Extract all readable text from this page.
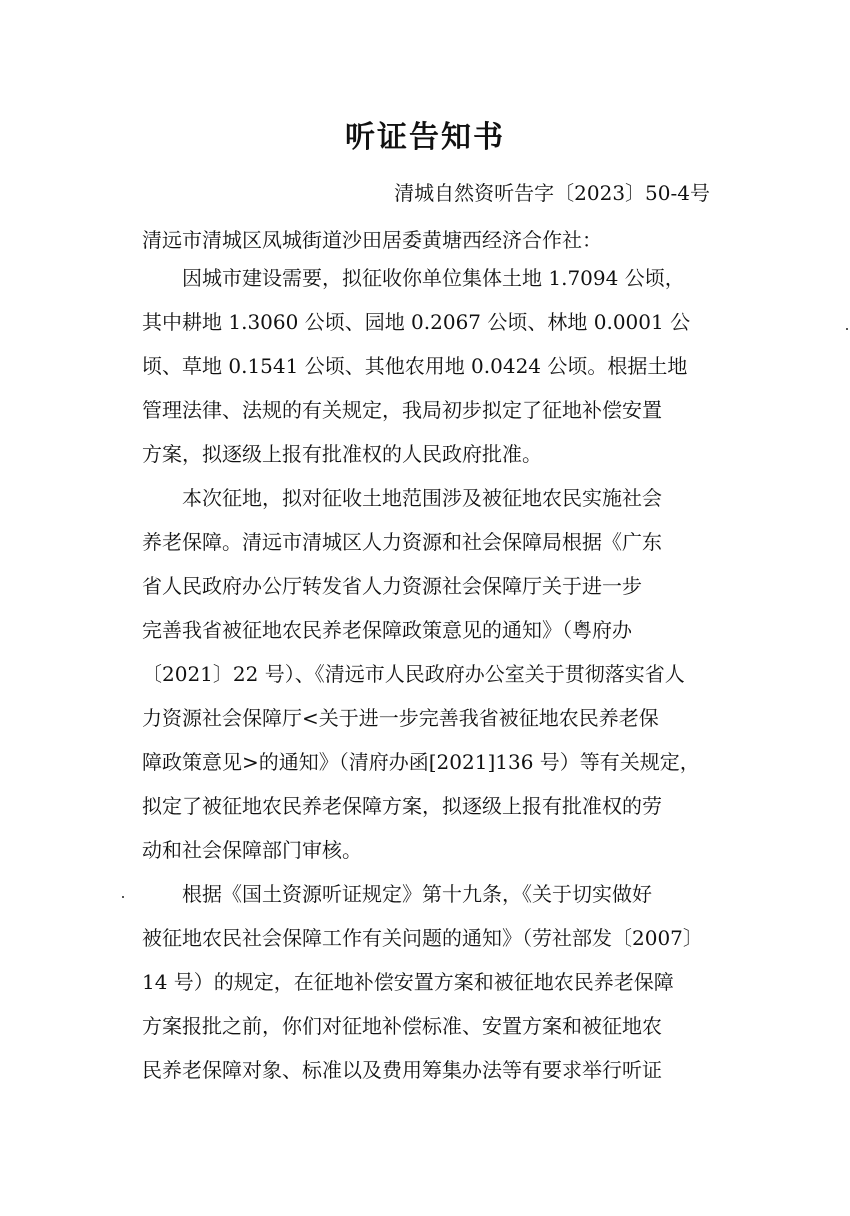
听证告知书
清城自然资听告字〔2023〕50-4号
清远市清城区凤城街道沙田居委黄塘西经济合作社：
因城市建设需要，拟征收你单位集体土地 1.7094 公顷，
其中耕地 1.3060 公顷、园地 0.2067 公顷、林地 0.0001 公
顷、草地 0.1541 公顷、其他农用地 0.0424 公顷。根据土地
管理法律、法规的有关规定，我局初步拟定了征地补偿安置
方案，拟逐级上报有批准权的人民政府批准。
本次征地，拟对征收土地范围涉及被征地农民实施社会
养老保障。清远市清城区人力资源和社会保障局根据《广东
省人民政府办公厅转发省人力资源社会保障厅关于进一步
完善我省被征地农民养老保障政策意见的通知》（粤府办
〔2021〕22 号）、《清远市人民政府办公室关于贯彻落实省人
力资源社会保障厅<关于进一步完善我省被征地农民养老保
障政策意见>的通知》（清府办函[2021]136 号）等有关规定，
拟定了被征地农民养老保障方案，拟逐级上报有批准权的劳
动和社会保障部门审核。
根据《国土资源听证规定》第十九条，《关于切实做好
被征地农民社会保障工作有关问题的通知》（劳社部发〔2007〕
14 号）的规定，在征地补偿安置方案和被征地农民养老保障
方案报批之前，你们对征地补偿标准、安置方案和被征地农
民养老保障对象、标准以及费用筹集办法等有要求举行听证
